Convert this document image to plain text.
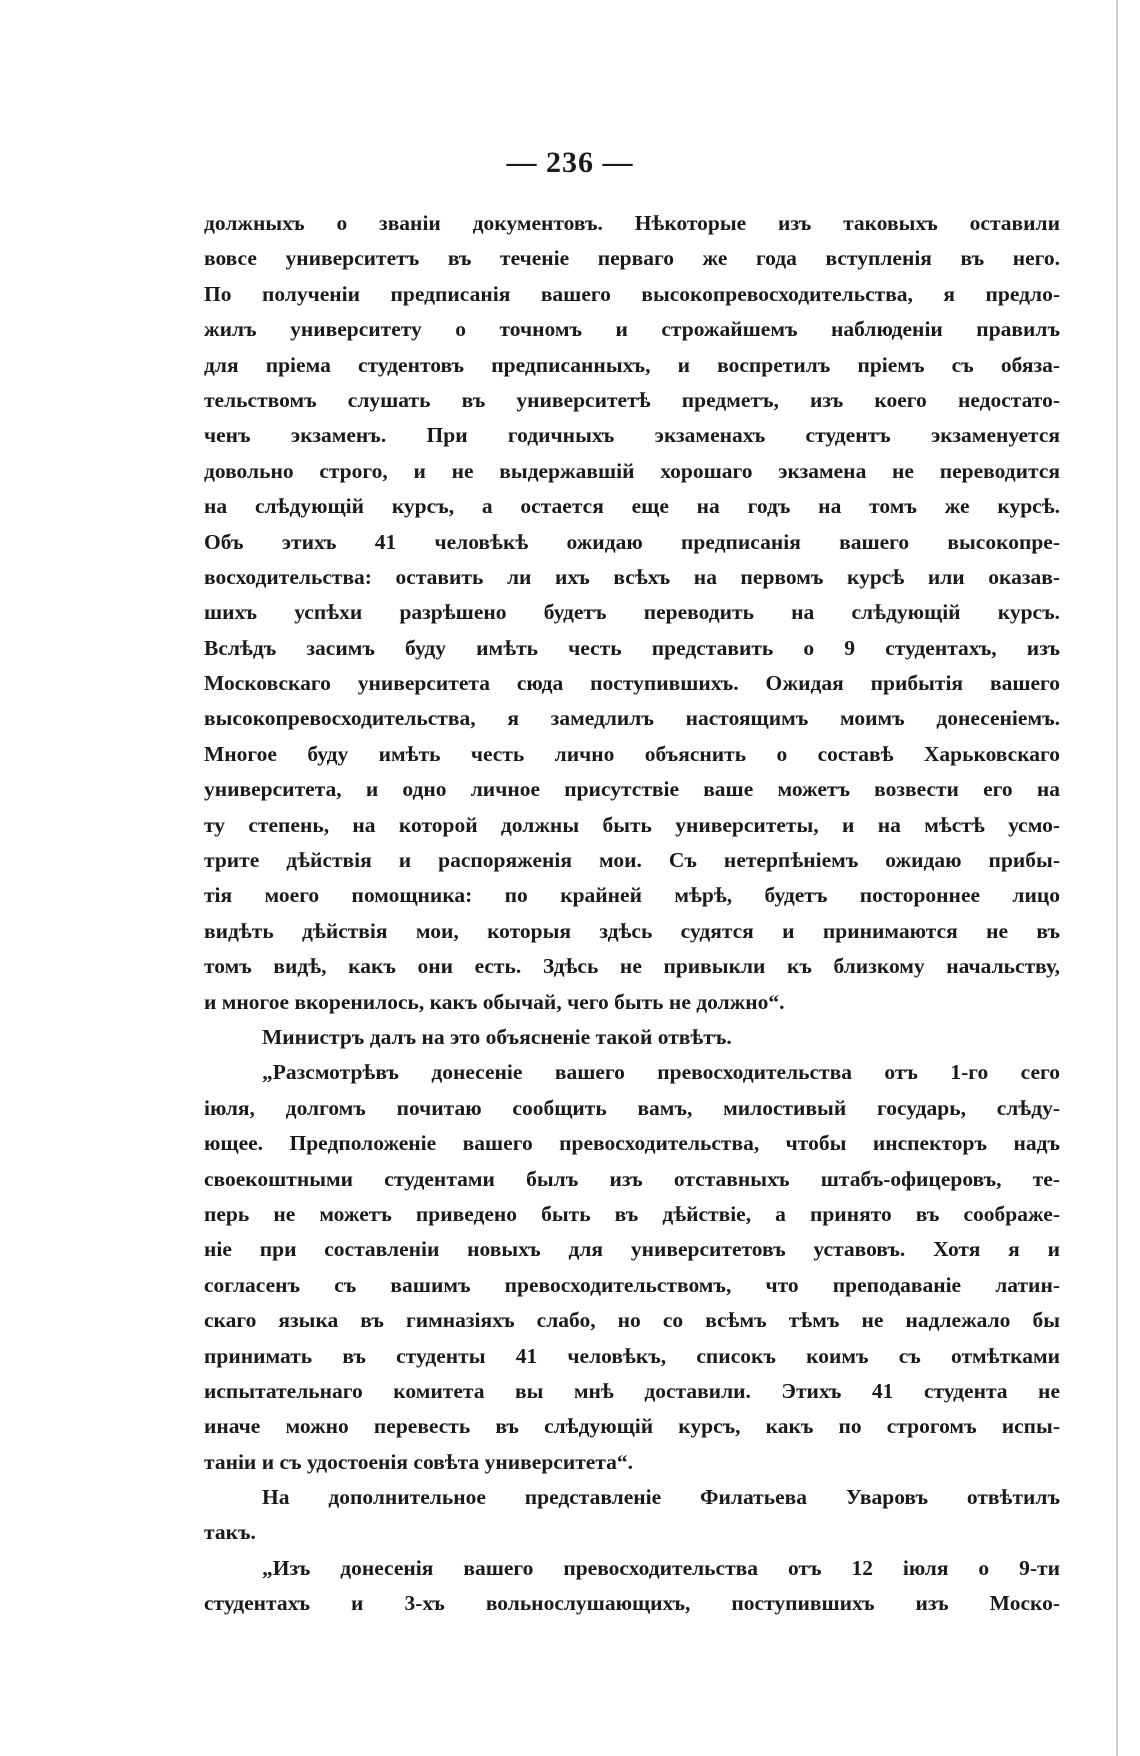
— 236 —
должныхъ о званіи документовъ. Нѣкоторые изъ таковыхъ оставили
вовсе университетъ въ теченіе перваго же года вступленія въ него.
По полученіи предписанія вашего высокопревосходительства, я предло-
жилъ университету о точномъ и строжайшемъ наблюденіи правилъ
для пріема студентовъ предписанныхъ, и воспретилъ пріемъ съ обяза-
тельствомъ слушать въ университетѣ предметъ, изъ коего недостато-
ченъ экзаменъ. При годичныхъ экзаменахъ студентъ экзаменуется
довольно строго, и не выдержавшій хорошаго экзамена не переводится
на слѣдующій курсъ, а остается еще на годъ на томъ же курсѣ.
Объ этихъ 41 человѣкѣ ожидаю предписанія вашего высокопре-
восходительства: оставить ли ихъ всѣхъ на первомъ курсѣ или оказав-
шихъ успѣхи разрѣшено будетъ переводить на слѣдующій курсъ.
Вслѣдъ засимъ буду имѣть честь представить о 9 студентахъ, изъ
Московскаго университета сюда поступившихъ. Ожидая прибытія вашего
высокопревосходительства, я замедлилъ настоящимъ моимъ донесеніемъ.
Многое буду имѣть честь лично объяснить о составѣ Харьковскаго
университета, и одно личное присутствіе ваше можетъ возвести его на
ту степень, на которой должны быть университеты, и на мѣстѣ усмо-
трите дѣйствія и распоряженія мои. Съ нетерпѣніемъ ожидаю прибы-
тія моего помощника: по крайней мѣрѣ, будетъ постороннее лицо
видѣть дѣйствія мои, которыя здѣсь судятся и принимаются не въ
томъ видѣ, какъ они есть. Здѣсь не привыкли къ близкому начальству,
и многое вкоренилось, какъ обычай, чего быть не должно“.
Министръ далъ на это объясненіе такой отвѣтъ.
„Разсмотрѣвъ донесеніе вашего превосходительства отъ 1-го сего
іюля, долгомъ почитаю сообщить вамъ, милостивый государь, слѣду-
ющее. Предположеніе вашего превосходительства, чтобы инспекторъ надъ
своекоштными студентами былъ изъ отставныхъ штабъ-офицеровъ, те-
перь не можетъ приведено быть въ дѣйствіе, а принято въ соображе-
ніе при составленіи новыхъ для университетовъ уставовъ. Хотя я и
согласенъ съ вашимъ превосходительствомъ, что преподаваніе латин-
скаго языка въ гимназіяхъ слабо, но со всѣмъ тѣмъ не надлежало бы
принимать въ студенты 41 человѣкъ, списокъ коимъ съ отмѣтками
испытательнаго комитета вы мнѣ доставили. Этихъ 41 студента не
иначе можно перевесть въ слѣдующій курсъ, какъ по строгомъ испы-
таніи и съ удостоенія совѣта университета“.
На дополнительное представленіе Филатьева Уваровъ отвѣтилъ
такъ.
„Изъ донесенія вашего превосходительства отъ 12 іюля о 9-ти
студентахъ и 3-хъ вольнослушающихъ, поступившихъ изъ Моско-
